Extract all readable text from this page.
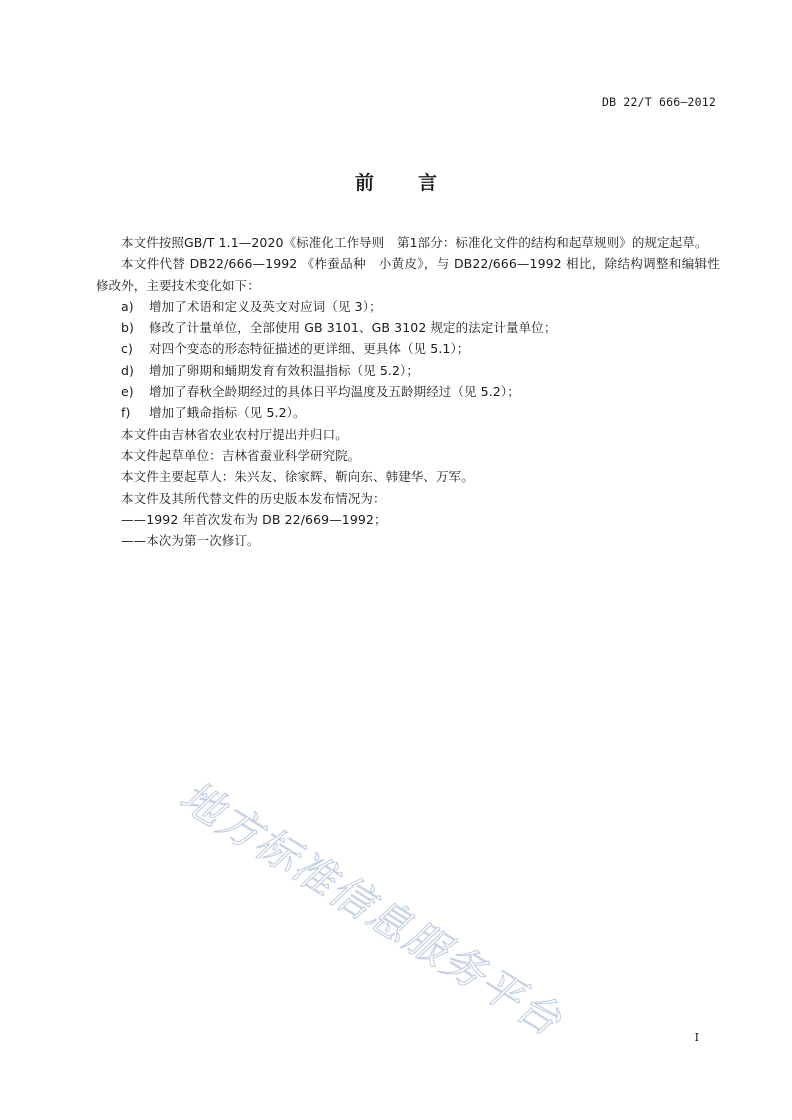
DB 22/T 666—2012
前言

本文件按照GB/T 1.1—2020《标准化工作导则　第1部分：标准化文件的结构和起草规则》的规定起草。

本文件代替 DB22/666—1992 《柞蚕品种　小黄皮》，与 DB22/666—1992 相比，除结构调整和编辑性修改外，主要技术变化如下：

a)	增加了术语和定义及英文对应词（见 3）；
b)	修改了计量单位，全部使用 GB 3101、GB 3102 规定的法定计量单位；
c)	对四个变态的形态特征描述的更详细、更具体（见 5.1）；
d)	增加了卵期和蛹期发育有效积温指标（见 5.2）；
e)	增加了春秋全龄期经过的具体日平均温度及五龄期经过（见 5.2）；
f)	增加了蛾命指标（见 5.2）。

本文件由吉林省农业农村厅提出并归口。

本文件起草单位：吉林省蚕业科学研究院。

本文件主要起草人：朱兴友、徐家辉、靳向东、韩建华、万军。

本文件及其所代替文件的历史版本发布情况为：

——1992 年首次发布为 DB 22/669—1992；

——本次为第一次修订。

地方标准信息服务平台	I
